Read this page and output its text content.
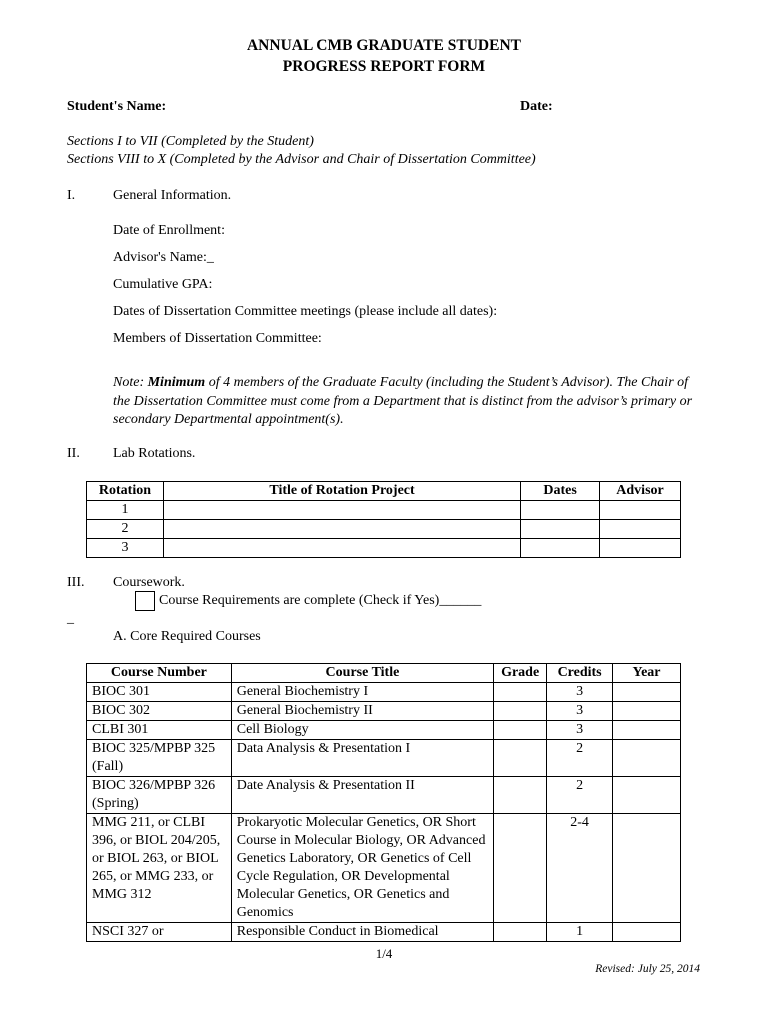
ANNUAL CMB GRADUATE STUDENT
PROGRESS REPORT FORM
Student's Name:	Date:
Sections I to VII (Completed by the Student)
Sections VIII to X (Completed by the Advisor and Chair of Dissertation Committee)
I.	General Information.
Date of Enrollment:
Advisor's Name:_
Cumulative GPA:
Dates of Dissertation Committee meetings (please include all dates):
Members of Dissertation Committee:
Note: Minimum of 4 members of the Graduate Faculty (including the Student’s Advisor). The Chair of the Dissertation Committee must come from a Department that is distinct from the advisor’s primary or secondary Departmental appointment(s).
II. Lab Rotations.
Rotation	Title of Rotation Project	Dates	Advisor
1			
2			
3			
III. Coursework.
Course Requirements are complete (Check if Yes)______
_
A. Core Required Courses
Course Number	Course Title	Grade	Credits	Year
BIOC 301	General Biochemistry I		3	
BIOC 302	General Biochemistry II		3	
CLBI 301	Cell Biology		3	
BIOC 325/MPBP 325 (Fall)	Data Analysis & Presentation I		2	
BIOC 326/MPBP 326 (Spring)	Date Analysis & Presentation II		2	
MMG 211, or CLBI 396, or BIOL 204/205, or BIOL 263, or BIOL 265, or MMG 233, or MMG 312	Prokaryotic Molecular Genetics, OR Short Course in Molecular Biology, OR Advanced Genetics Laboratory, OR Genetics of Cell Cycle Regulation, OR Developmental Molecular Genetics, OR Genetics and Genomics		2-4	
NSCI 327 or	Responsible Conduct in Biomedical		1	
1/4
Revised: July 25, 2014
